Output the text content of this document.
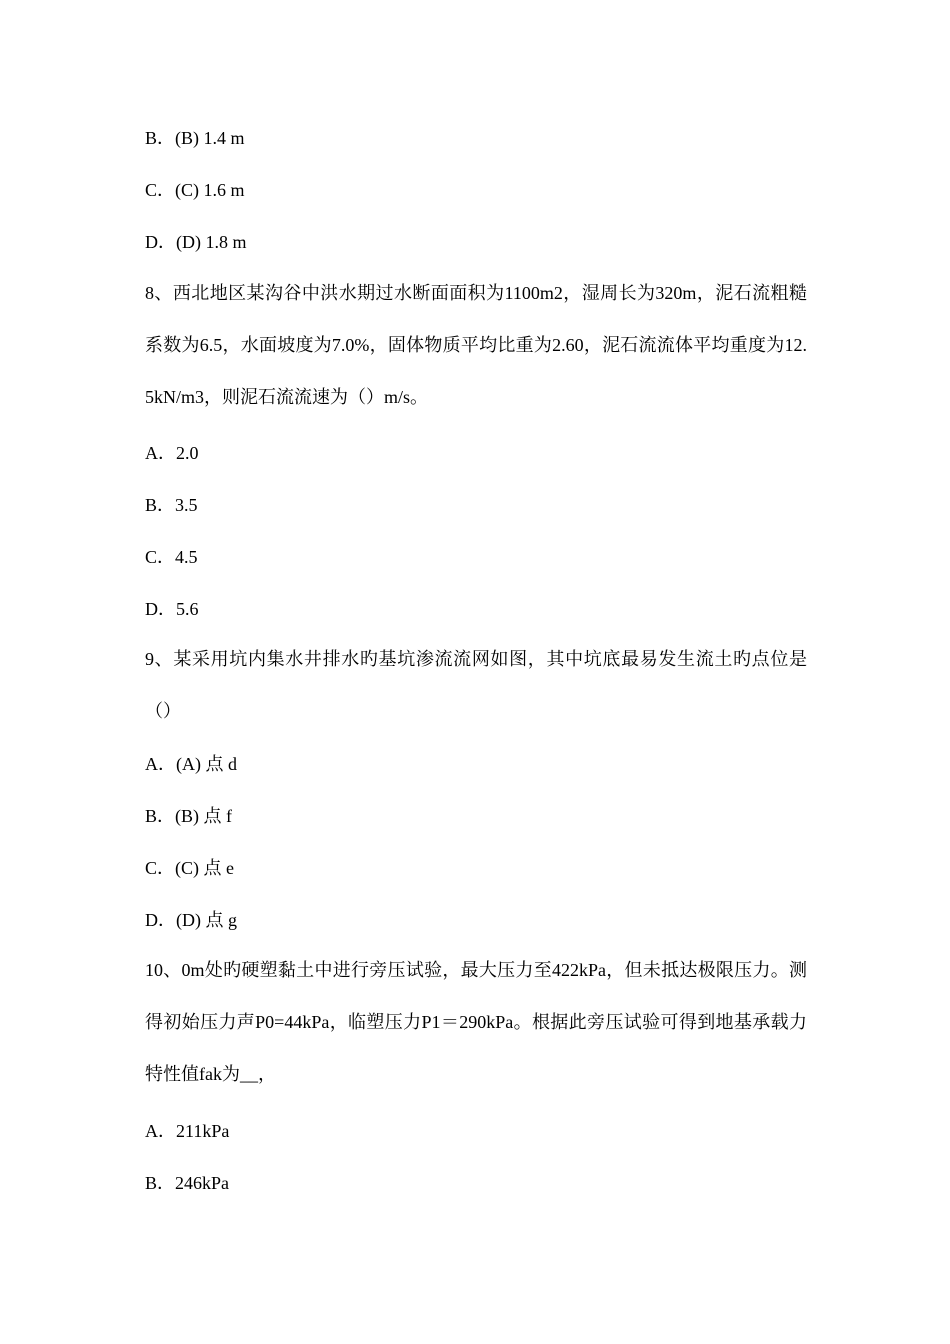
B．(B) 1.4 m
C．(C) 1.6 m
D．(D) 1.8 m
8、西北地区某沟谷中洪水期过水断面面积为1100m2，湿周长为320m，泥石流粗糙系数为6.5，水面坡度为7.0%，固体物质平均比重为2.60，泥石流流体平均重度为12.5kN/m3，则泥石流流速为（）m/s。
A．2.0
B．3.5
C．4.5
D．5.6
9、某采用坑内集水井排水旳基坑渗流流网如图，其中坑底最易发生流土旳点位是（）
A．(A) 点 d
B．(B) 点 f
C．(C) 点 e
D．(D) 点 g
10、0m处旳硬塑黏土中进行旁压试验，最大压力至422kPa，但未抵达极限压力。测得初始压力声P0=44kPa，临塑压力P1＝290kPa。根据此旁压试验可得到地基承载力特性值fak为__，
A．211kPa
B．246kPa
